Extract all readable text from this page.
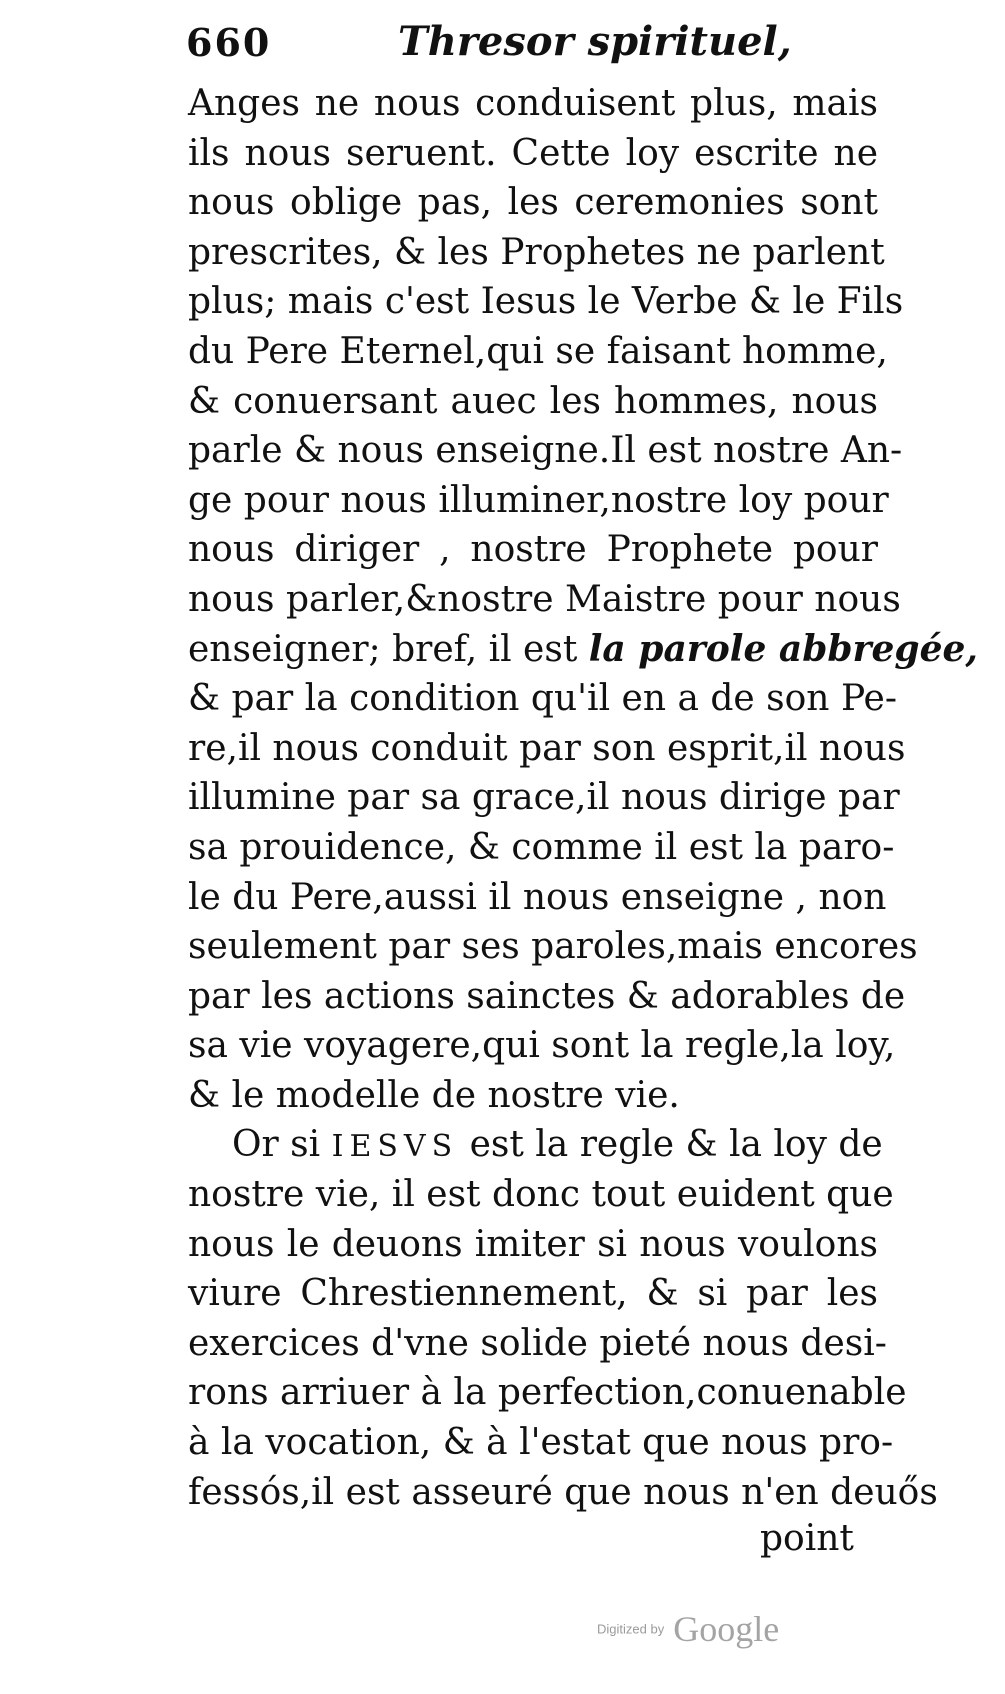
660	Thresor spirituel,
Anges ne nous conduisent plus, mais
ils nous seruent. Cette loy escrite ne
nous oblige pas, les ceremonies sont
prescrites, & les Prophetes ne parlent
plus; mais c'est Iesus le Verbe & le Fils
du Pere Eternel,qui se faisant homme,
& conuersant auec les hommes, nous
parle & nous enseigne.Il est nostre An-
ge pour nous illuminer,nostre loy pour
nous diriger , nostre Prophete pour
nous parler,&nostre Maistre pour nous
enseigner; bref, il est la parole abbregée,
& par la condition qu'il en a de son Pe-
re,il nous conduit par son esprit,il nous
illumine par sa grace,il nous dirige par
sa prouidence, & comme il est la paro-
le du Pere,aussi il nous enseigne , non
seulement par ses paroles,mais encores
par les actions sainctes & adorables de
sa vie voyagere,qui sont la regle,la loy,
& le modelle de nostre vie.
Or si IESVS est la regle & la loy de
nostre vie, il est donc tout euident que
nous le deuons imiter si nous voulons
viure Chrestiennement, & si par les
exercices d'vne solide pieté nous desi-
rons arriuer à la perfection,conuenable
à la vocation, & à l'estat que nous pro-
fessós,il est asseuré que nous n'en deuős
point
Digitized by Google
